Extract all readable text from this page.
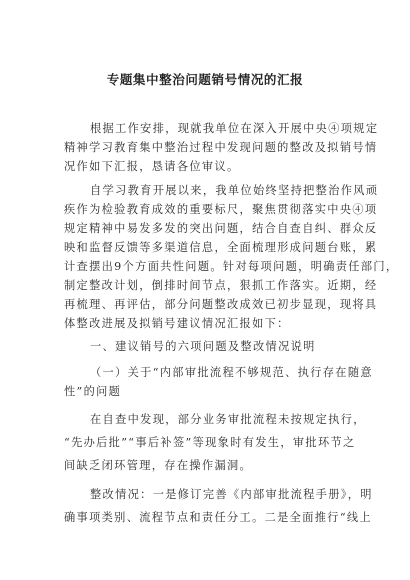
专题集中整治问题销号情况的汇报
根据工作安排，现就我单位在深入开展中央④项规定
精神学习教育集中整治过程中发现问题的整改及拟销号情
况作如下汇报，恳请各位审议。
自学习教育开展以来，我单位始终坚持把整治作风顽
疾作为检验教育成效的重要标尺，聚焦贯彻落实中央④项
规定精神中易发多发的突出问题，结合自查自纠、群众反
映和监督反馈等多渠道信息，全面梳理形成问题台账，累
计查摆出9个方面共性问题。针对每项问题，明确责任部门，
制定整改计划，倒排时间节点，狠抓工作落实。近期，经
再梳理、再评估，部分问题整改成效已初步显现，现将具
体整改进展及拟销号建议情况汇报如下：
一、建议销号的六项问题及整改情况说明
（一）关于“内部审批流程不够规范、执行存在随意
性”的问题
在自查中发现，部分业务审批流程未按规定执行，
“先办后批”“事后补签”等现象时有发生，审批环节之
间缺乏闭环管理，存在操作漏洞。
整改情况：一是修订完善《内部审批流程手册》，明
确事项类别、流程节点和责任分工。二是全面推行“线上
